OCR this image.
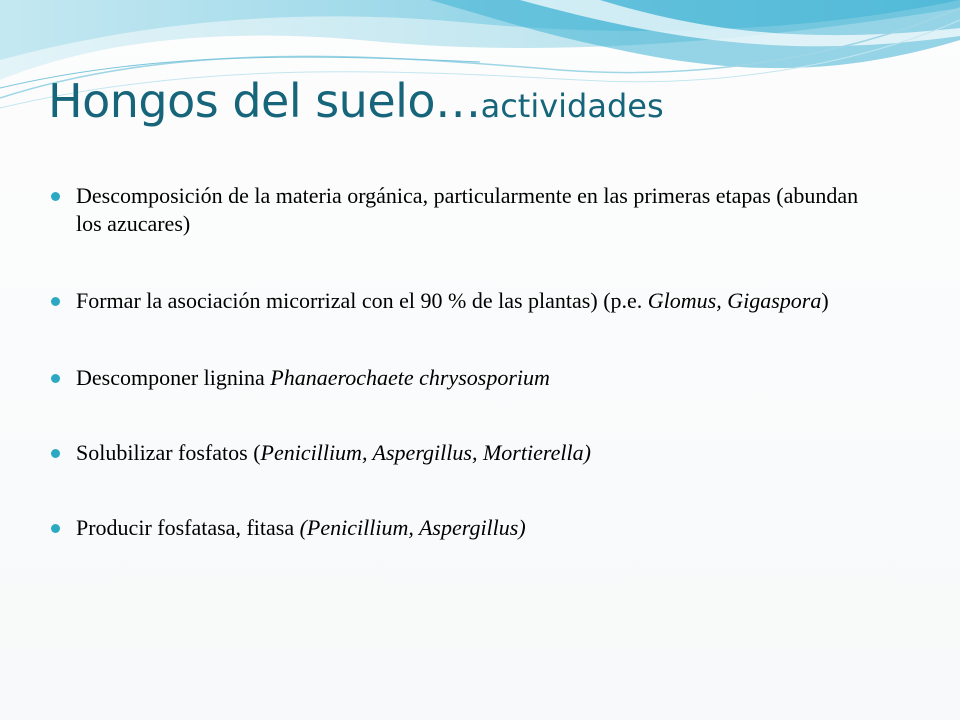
Hongos del suelo…actividades
Descomposición de la materia orgánica, particularmente en las primeras etapas (abundan los azucares)
Formar la asociación micorrizal con el 90 % de las plantas) (p.e. Glomus, Gigaspora)
Descomponer lignina Phanaerochaete chrysosporium
Solubilizar fosfatos (Penicillium, Aspergillus, Mortierella)
Producir fosfatasa, fitasa (Penicillium, Aspergillus)
